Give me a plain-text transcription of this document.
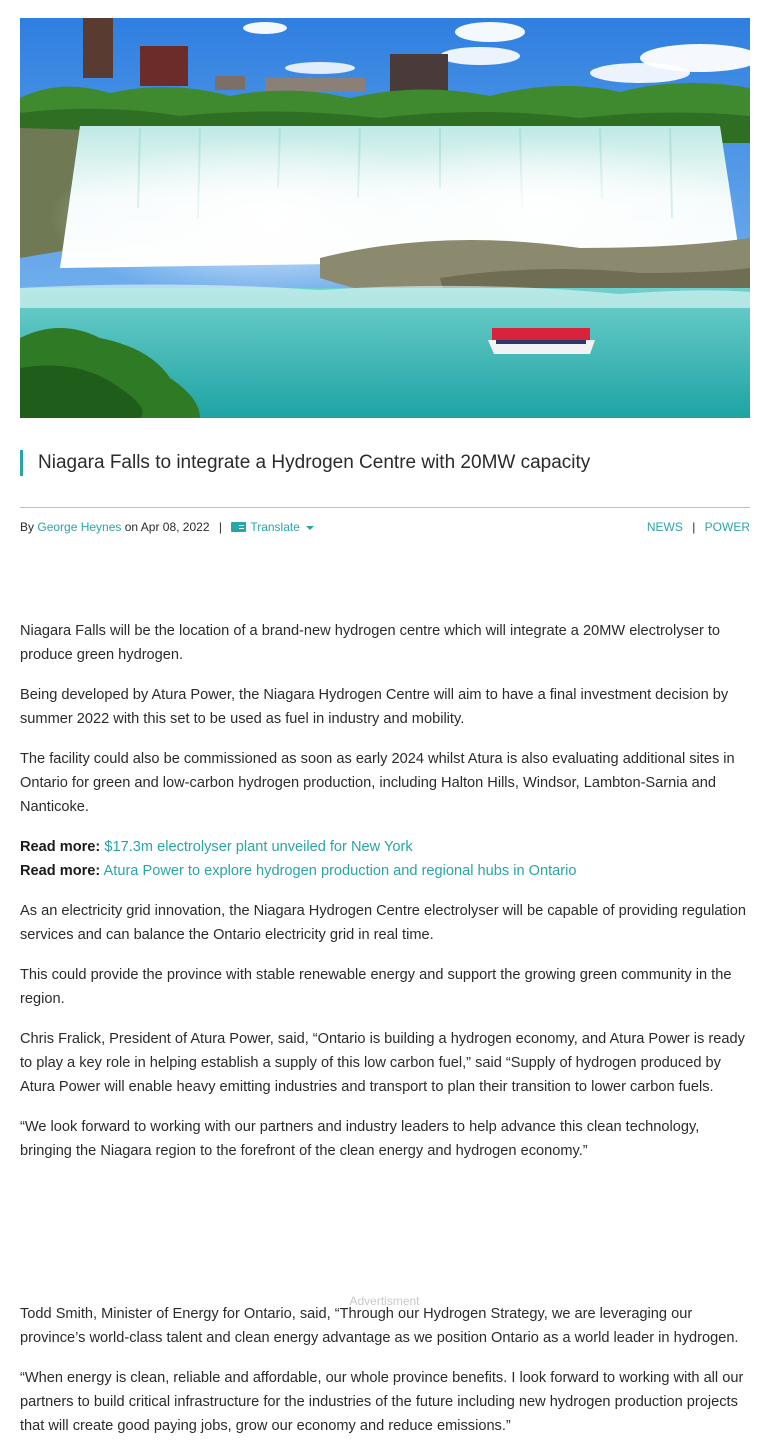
Niagara Falls to integrate a Hydrogen Centre with 20MW capacity
By George Heynes on Apr 08, 2022 | Translate	NEWS | POWER

Niagara Falls will be the location of a brand-new hydrogen centre which will integrate a 20MW electrolyser to produce green hydrogen.

Being developed by Atura Power, the Niagara Hydrogen Centre will aim to have a final investment decision by summer 2022 with this set to be used as fuel in industry and mobility.

The facility could also be commissioned as soon as early 2024 whilst Atura is also evaluating additional sites in Ontario for green and low-carbon hydrogen production, including Halton Hills, Windsor, Lambton-Sarnia and Nanticoke.

Read more: $17.3m electrolyser plant unveiled for New York

Read more: Atura Power to explore hydrogen production and regional hubs in Ontario

As an electricity grid innovation, the Niagara Hydrogen Centre electrolyser will be capable of providing regulation services and can balance the Ontario electricity grid in real time.

This could provide the province with stable renewable energy and support the growing green community in the region.

Chris Fralick, President of Atura Power, said, “Ontario is building a hydrogen economy, and Atura Power is ready to play a key role in helping establish a supply of this low carbon fuel,” said “Supply of hydrogen produced by Atura Power will enable heavy emitting industries and transport to plan their transition to lower carbon fuels.

“We look forward to working with our partners and industry leaders to help advance this clean technology, bringing the Niagara region to the forefront of the clean energy and hydrogen economy.”

Advertisment

Todd Smith, Minister of Energy for Ontario, said, “Through our Hydrogen Strategy, we are leveraging our province’s world-class talent and clean energy advantage as we position Ontario as a world leader in hydrogen.

“When energy is clean, reliable and affordable, our whole province benefits. I look forward to working with all our partners to build critical infrastructure for the industries of the future including new hydrogen production projects that will create good paying jobs, grow our economy and reduce emissions.”
